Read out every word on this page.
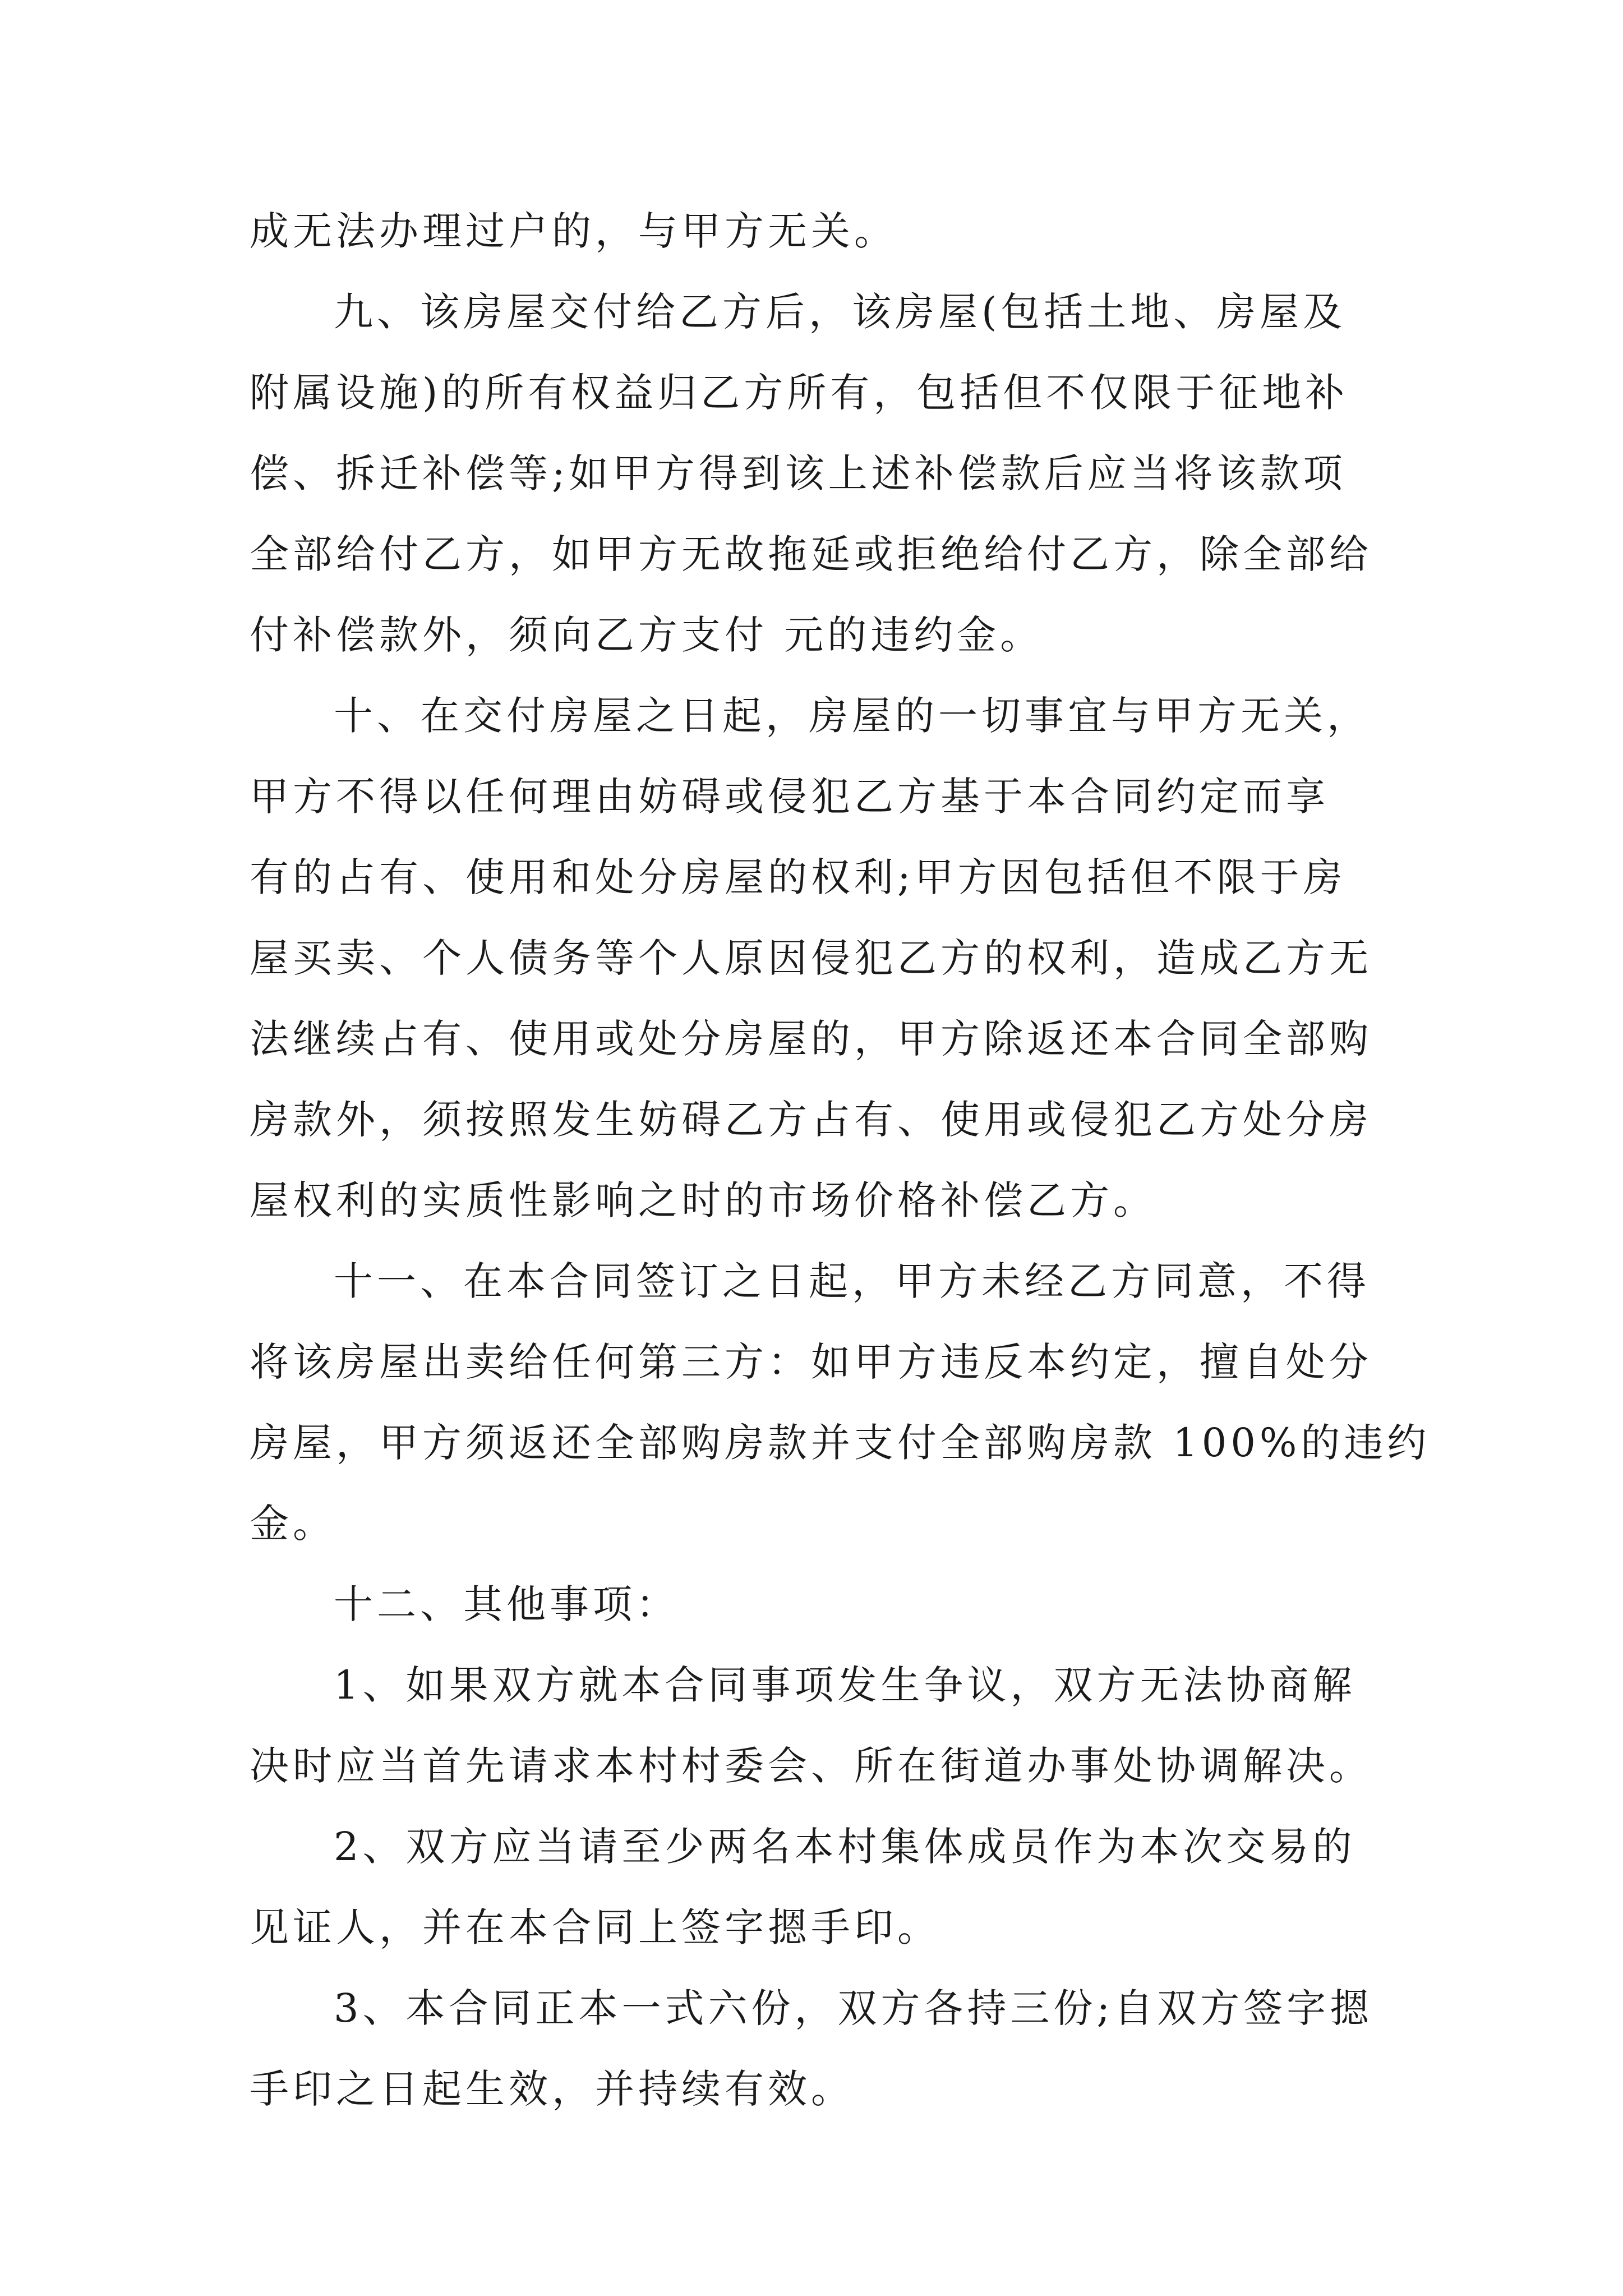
成无法办理过户的，与甲方无关。
九、该房屋交付给乙方后，该房屋(包括土地、房屋及
附属设施)的所有权益归乙方所有，包括但不仅限于征地补
偿、拆迁补偿等;如甲方得到该上述补偿款后应当将该款项
全部给付乙方，如甲方无故拖延或拒绝给付乙方，除全部给
付补偿款外，须向乙方支付 元的违约金。
十、在交付房屋之日起，房屋的一切事宜与甲方无关，
甲方不得以任何理由妨碍或侵犯乙方基于本合同约定而享
有的占有、使用和处分房屋的权利;甲方因包括但不限于房
屋买卖、个人债务等个人原因侵犯乙方的权利，造成乙方无
法继续占有、使用或处分房屋的，甲方除返还本合同全部购
房款外，须按照发生妨碍乙方占有、使用或侵犯乙方处分房
屋权利的实质性影响之时的市场价格补偿乙方。
十一、在本合同签订之日起，甲方未经乙方同意，不得
将该房屋出卖给任何第三方：如甲方违反本约定，擅自处分
房屋，甲方须返还全部购房款并支付全部购房款 100%的违约
金。
十二、其他事项：
1、如果双方就本合同事项发生争议，双方无法协商解
决时应当首先请求本村村委会、所在街道办事处协调解决。
2、双方应当请至少两名本村集体成员作为本次交易的
见证人，并在本合同上签字摁手印。
3、本合同正本一式六份，双方各持三份;自双方签字摁
手印之日起生效，并持续有效。
